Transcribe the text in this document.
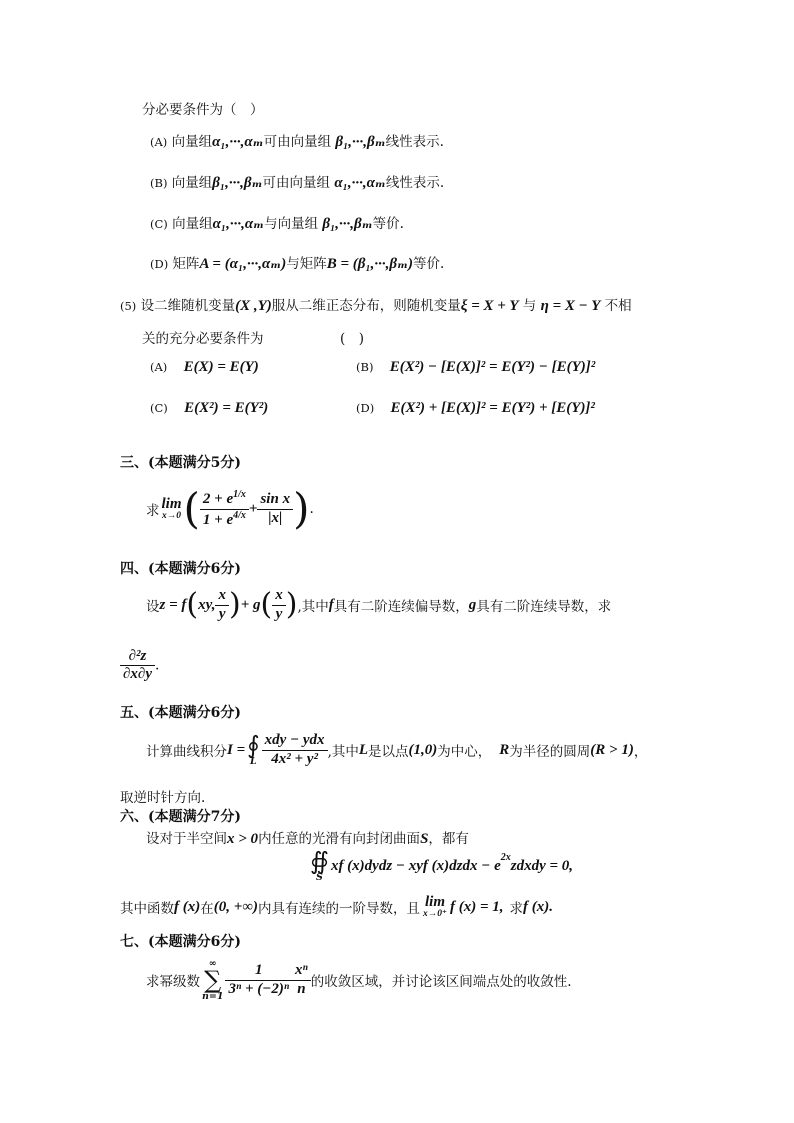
分必要条件为（　）
(A) 向量组α₁,···,αₘ可由向量组 β₁,···,βₘ线性表示.
(B) 向量组β₁,···,βₘ可由向量组 α₁,···,αₘ线性表示.
(C) 向量组α₁,···,αₘ与向量组 β₁,···,βₘ等价.
(D) 矩阵A = (α₁,···,αₘ)与矩阵B = (β₁,···,βₘ)等价.
(5) 设二维随机变量(X ,Y)服从二维正态分布，则随机变量ξ = X + Y 与 η = X − Y 不相
关的充分必要条件为	(　)
(A) E(X) = E(Y)	(B) E(X²) − [E(X)]² = E(Y²) − [E(Y)]²
(C) E(X²) = E(Y²)	(D) E(X²) + [E(X)]² = E(Y²) + [E(Y)]²
三、(本题满分5分)
求 lim
x→0 ( $\frac{2 + e^{1/x}}{1 + e^{4/x}} + \frac{\text{sin x}}{|x|}$ ) .
四、(本题满分6分)
设 z = f ( xy, $\frac{x}{y}$ ) + g ( $\frac{x}{y}$ ) ,其中 f 具有二阶连续偏导数， g 具有二阶连续导数，求
$\frac{\text{∂²z}}{\partial x\partial y}$ .
五、(本题满分6分)
计算曲线积分 I = ∮
L $\frac{\text{xdy − ydx}}{\text{4x² + y²}}$ ,其中 L 是以点 (1,0) 为中心， R 为半径的圆周 (R > 1) ，
取逆时针方向.
六、(本题满分7分)
设对于半空间x > 0内任意的光滑有向封闭曲面S，都有
∯
S
xf (x)dydz − xyf (x)dzdx − $e^{2x}$ zdxdy = 0,
其中函数 f (x) 在 (0, +∞) 内具有连续的一阶导数，且 lim
x→0⁺ f (x) = 1, 求 f (x).
七、(本题满分6分)
求幂级数
∞
∑
$n=1 \frac{1}{\text{3ⁿ + (−2)ⁿ}} \frac{\text{xⁿ}}{n}$ 的收敛区域，并讨论该区间端点处的收敛性.
